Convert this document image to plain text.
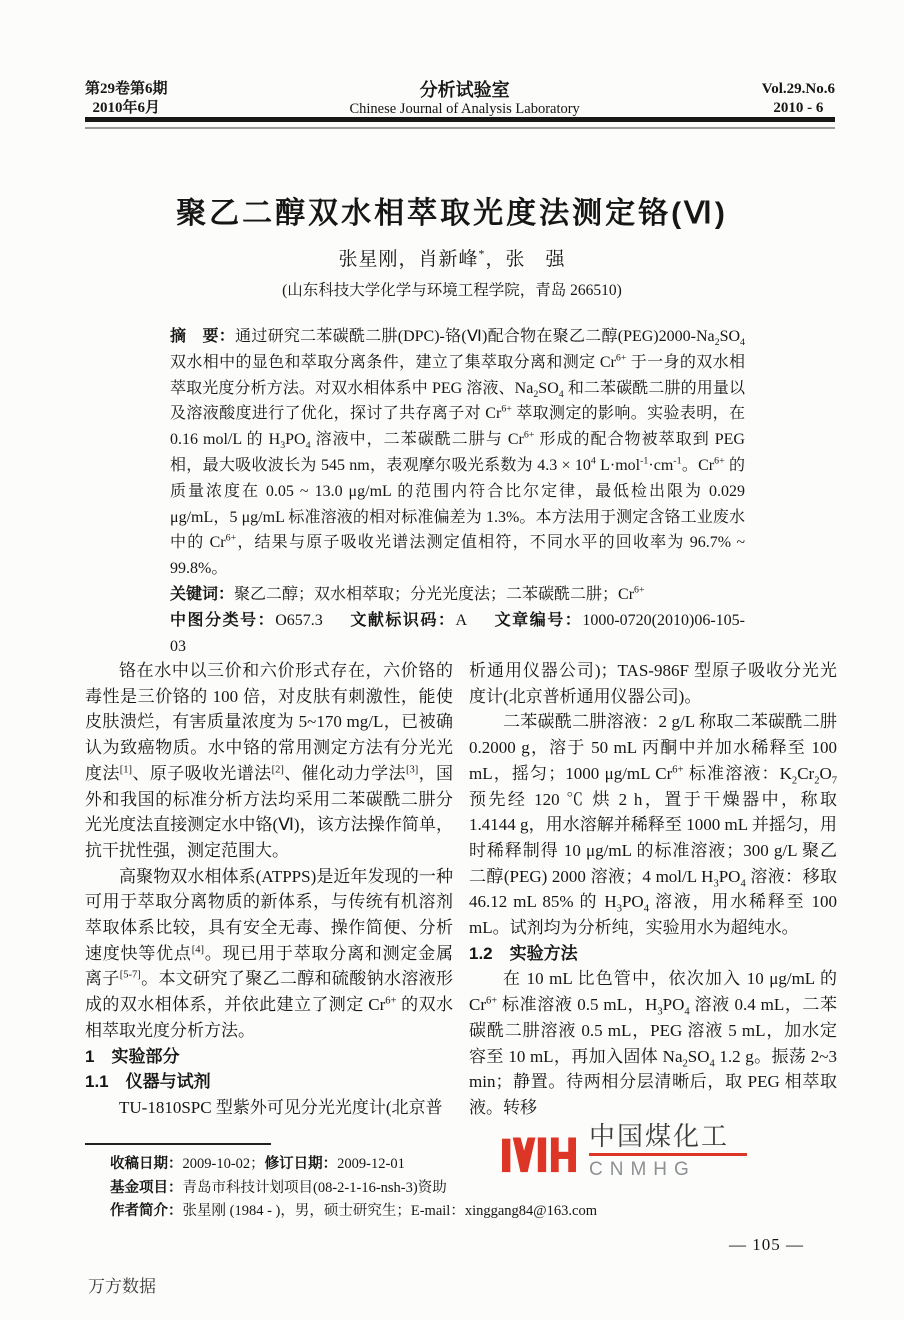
第29卷第6期
2010年6月
分析试验室
Chinese Journal of Analysis Laboratory
Vol.29.No.6
2010 - 6
聚乙二醇双水相萃取光度法测定铬(Ⅵ)
张星刚，肖新峰*，张　强
(山东科技大学化学与环境工程学院，青岛 266510)

摘　要：通过研究二苯碳酰二肼(DPC)-铬(Ⅵ)配合物在聚乙二醇$(PEG)2000-Na_2SO_4$ 双水相中的显色和萃取分离条件，建立了集萃取分离和测定 $Cr^{6+}$ 于一身的双水相萃取光度分析方法。对双水相体系中 PEG 溶液、$Na_2SO_4$ 和二苯碳酰二肼的用量以及溶液酸度进行了优化，探讨了共存离子对 $Cr^{6+}$ 萃取测定的影响。实验表明，在 0.16 mol/L 的 $H_3PO_4$ 溶液中，二苯碳酰二肼与 $Cr^{6+}$ 形成的配合物被萃取到 PEG 相，最大吸收波长为 545 nm，表观摩尔吸光系数为 $4.3 \times 10^4$ $L\cdot mol^{-1}\cdot cm^{-1}$。$Cr^{6+}$ 的质量浓度在 0.05 ~ 13.0 μg/mL 的范围内符合比尔定律，最低检出限为 0.029 μg/mL，5 μg/mL 标准溶液的相对标准偏差为 1.3%。本方法用于测定含铬工业废水中的 $Cr^{6+}$，结果与原子吸收光谱法测定值相符，不同水平的回收率为 96.7% ~ 99.8%。

关键词：聚乙二醇；双水相萃取；分光光度法；二苯碳酰二肼；$Cr^{6+}$

中图分类号：O657.3 文献标识码：A 文章编号：1000-0720(2010)06-105-03

铬在水中以三价和六价形式存在，六价铬的毒性是三价铬的 100 倍，对皮肤有刺激性，能使皮肤溃烂，有害质量浓度为 5~170 mg/L，已被确认为致癌物质。水中铬的常用测定方法有分光光度法[1]、原子吸收光谱法[2]、催化动力学法[3]，国外和我国的标准分析方法均采用二苯碳酰二肼分光光度法直接测定水中铬(Ⅵ)，该方法操作简单，抗干扰性强，测定范围大。

高聚物双水相体系(ATPPS)是近年发现的一种可用于萃取分离物质的新体系，与传统有机溶剂萃取体系比较，具有安全无毒、操作简便、分析速度快等优点[4]。现已用于萃取分离和测定金属离子[5-7]。本文研究了聚乙二醇和硫酸钠水溶液形成的双水相体系，并依此建立了测定 $Cr^{6+}$ 的双水相萃取光度分析方法。

1　实验部分

1.1　仪器与试剂

TU-1810SPC 型紫外可见分光光度计(北京普

析通用仪器公司)；TAS-986F 型原子吸收分光光度计(北京普析通用仪器公司)。

二苯碳酰二肼溶液：2 g/L 称取二苯碳酰二肼 0.2000 g，溶于 50 mL 丙酮中并加水稀释至 100 mL，摇匀；1000 μg/mL $Cr^{6+}$ 标准溶液：$K_2Cr_2O_7$ 预先经 120 ℃ 烘 2 h，置于干燥器中，称取 1.4144 g，用水溶解并稀释至 1000 mL 并摇匀，用时稀释制得 10 μg/mL 的标准溶液；300 g/L 聚乙二醇(PEG) 2000 溶液；4 mol/L $H_3PO_4$ 溶液：移取 46.12 mL 85% 的 $H_3PO_4$ 溶液，用水稀释至 100 mL。试剂均为分析纯，实验用水为超纯水。

1.2　实验方法

在 10 mL 比色管中，依次加入 10 μg/mL 的 $Cr^{6+}$ 标准溶液 0.5 mL，$H_3PO_4$ 溶液 0.4 mL，二苯碳酰二肼溶液 0.5 mL，PEG 溶液 5 mL，加水定容至 10 mL，再加入固体 $Na_2SO_4$ 1.2 g。振荡 2~3 min；静置。待两相分层清晰后，取 PEG 相萃取液。转移

收稿日期：2009-10-02；修订日期：2009-12-01
基金项目：青岛市科技计划项目(08-2-1-16-nsh-3)资助
作者简介：张星刚 (1984 - )，男，硕士研究生；E-mail：xinggang84@163.com
中国煤化工
CNMHG
— 105 —
万方数据
